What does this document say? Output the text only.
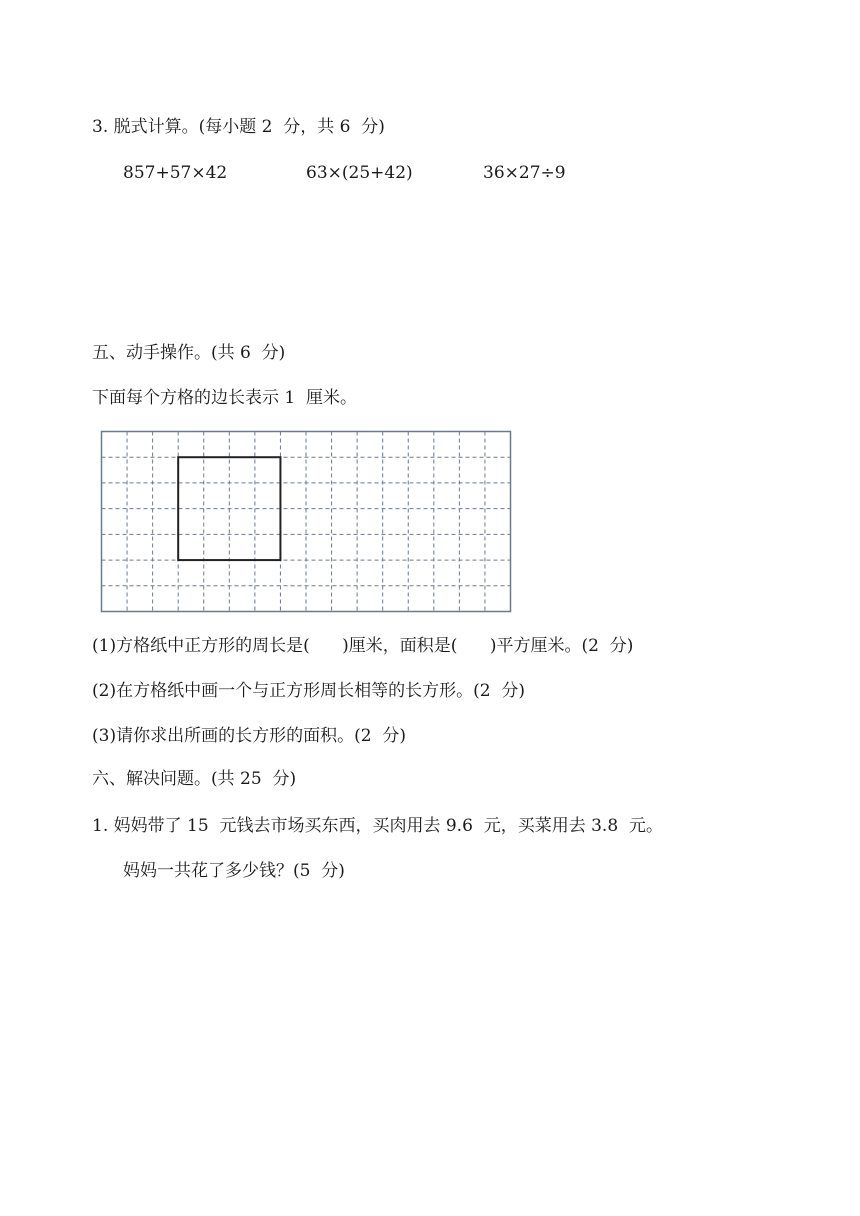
3. 脱式计算。(每小题 2  分，共 6  分)

857+57×42	63×(25+42)	36×27÷9

五、动手操作。(共 6  分)

下面每个方格的边长表示 1  厘米。

(1)方格纸中正方形的周长是(      )厘米，面积是(      )平方厘米。(2  分)

(2)在方格纸中画一个与正方形周长相等的长方形。(2  分)

(3)请你求出所画的长方形的面积。(2  分)

六、解决问题。(共 25  分)

1. 妈妈带了 15  元钱去市场买东西，买肉用去 9.6  元，买菜用去 3.8  元。

妈妈一共花了多少钱？(5  分)
